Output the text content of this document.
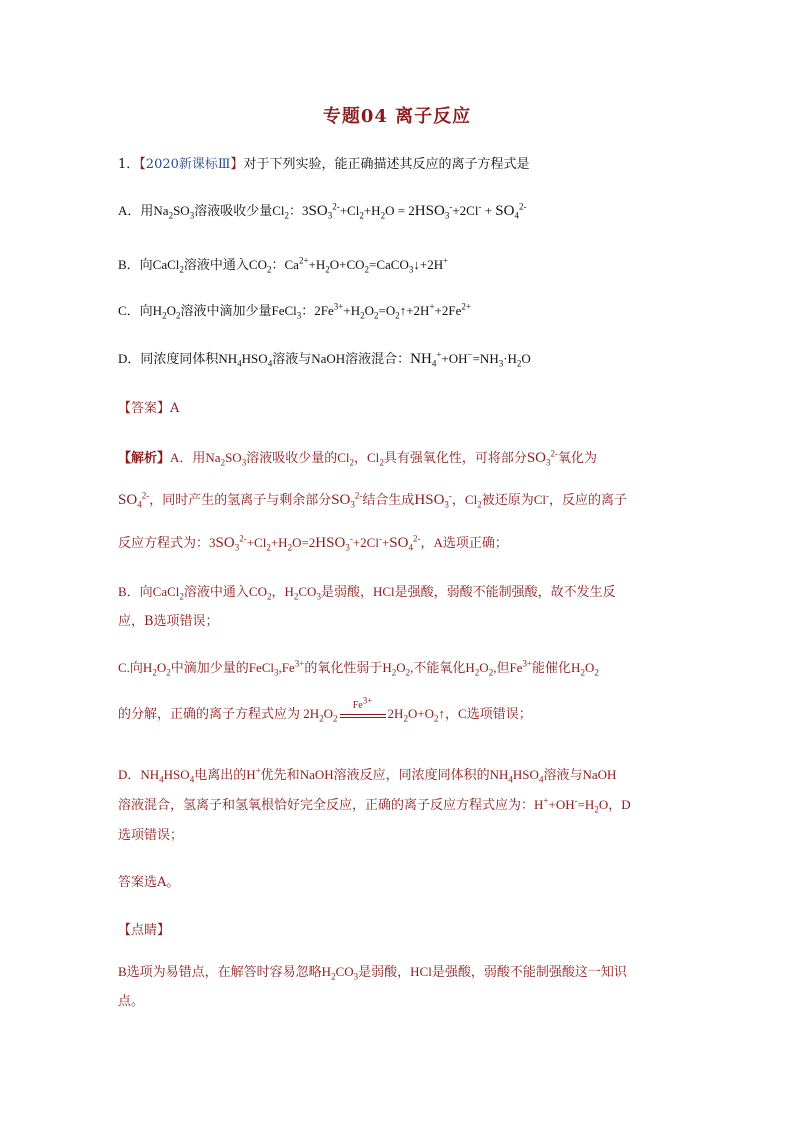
专题04 离子反应
1．【2020新课标Ⅲ】对于下列实验，能正确描述其反应的离子方程式是
A．用$Na_2SO_3$溶液吸收少量$Cl_2$：$3SO_3^{2-}+Cl_2+H_2O = 2HSO_3^-+2Cl^- + SO_4^{2-}$
B．向CaCl$_2$溶液中通入$CO_2$：$Ca^{2+}+H_2O+CO_2=CaCO_3↓+2H^+$
C．向$H_2O_2$溶液中滴加少量FeCl$_3$：$2Fe^{3+}+H_2O_2=O_2↑+2H^++2Fe^{2+}$
D．同浓度同体积$NH_4HSO_4$溶液与NaOH溶液混合：$NH_4^++OH^-=NH_3\cdot H_2O$
【答案】A
【解析】A．用$Na_2SO_3$溶液吸收少量的$Cl_2$，$Cl_2$具有强氧化性，可将部分$SO_3^{2-}$氧化为
$SO_4^{2-}$，同时产生的氢离子与剩余部分$SO_3^{2-}$结合生成$HSO_3^-$，$Cl_2$被还原为Cl-，反应的离子
反应方程式为：$3SO_3^{2-}+Cl_2+H_2O=2HSO_3^-+2Cl^-+SO_4^{2-}$，A选项正确；
B．向CaCl$_2$溶液中通入$CO_2$，$H_2CO_3$是弱酸，HCl是强酸，弱酸不能制强酸，故不发生反
应，B选项错误；
C.向$H_2O_2$中滴加少量的$FeCl_3,Fe^{3+}$的氧化性弱于$H_2O_2$,不能氧化$H_2O_2$,但$Fe^{3+}$能催化$H_2O_2$
的分解，正确的离子方程式应为 $2H_2O_2$
$Fe^{3+}$
$2H_2O+O_2↑$，C选项错误；
D．$NH_4HSO_4$电离出的H+优先和NaOH溶液反应，同浓度同体积的$NH_4HSO_4$溶液与NaOH
溶液混合，氢离子和氢氧根恰好完全反应，正确的离子反应方程式应为：$H^++OH^-=H_2O$，D
选项错误；
答案选A。
【点睛】
B选项为易错点，在解答时容易忽略$H_2CO_3$是弱酸，HCl是强酸，弱酸不能制强酸这一知识
点。
